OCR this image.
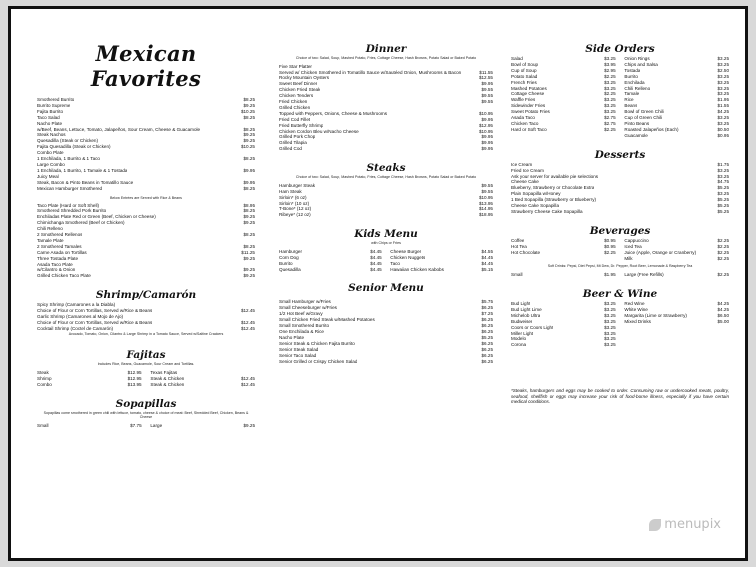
Mexican Favorites
Smothered Burrito	$8.25
Burrito Supreme	$9.25
Fajita Burrito	$10.25
Taco Salad	$8.25
Nacho Plate
w/Beef, Beans, Lettuce, Tomato, Jalapeños, Sour Cream, Cheese & Guacamole	$8.25
Steak Nachos	$9.25
Quesadilla (Steak or Chicken)	$9.25
Fajita Quesadilla (Steak or Chicken)	$10.25
Combo Plate
1 Enchilada, 1 Burrito & 1 Taco	$8.25
Large Combo
1 Enchilada, 1 Burrito, 1 Tamale & 1 Tostada	$9.95
Juicy Meal
Steak, Bacon & Pinto Beans in Tomatillo Sauce	$9.95
Mexican Hamburger Smothered	$8.25
Below Entrées are Served with Rice & Beans
Taco Plate (Hard or Soft Shell)	$8.95
Smothered Shredded Pork Burrito	$8.25
Enchiladas Plate Red or Green (Beef, Chicken or Cheese)	$9.25
Chimichanga Smothered (Beef or Chicken)	$9.25
Chili Relleno
2 Smothered Rellenos	$8.25
Tamale Plate
2 Smothered Tamales	$8.25
Carne Asada on Tortillas	$11.25
Three Tostada Plate	$9.25
Asada Taco Plate
w/Cilantro & Onion	$9.25
Grilled Chicken Taco Plate	$9.25
Shrimp/Camarón
Spicy Shrimp (Camarones a la Diabla)
Choice of Flour or Corn Tortillas, Served w/Rice & Beans	$12.45
Garlic Shrimp (Camarones al Mojo de Ajo)
Choice of Flour or Corn Tortillas, Served w/Rice & Beans	$12.45
Cocktail Shrimp (Coctel de Camarón)	$12.45
Avocado, Tomato, Onion, Cilantro & Large Shrimp in a Tomato Sauce, Served w/Saltine Crackers
Fajitas
Includes Rice, Beans, Guacamole, Sour Cream and Tortillas.
Steak	$12.95
Shrimp	$12.95
Combo	$13.95
Texas Fajitas
Steak & Chicken	$12.45
Steak & Chicken	$12.45
Sopapillas
Sopapillas come smothered in green chili with lettuce, tomato, cheese & choice of meat: Beef, Shredded Beef, Chicken, Beans & Cheese
Small	$7.75 Large	$9.25
Dinner
Choice of two: Salad, Soup, Mashed Potato, Fries, Cottage Cheese, Hash Browns, Potato Salad or Baked Potato
Five Star Platter
Served w/ Chicken Smothered in Tomatillo Sauce w/Sautéed Onion, Mushrooms & Bacon	$11.55
Rocky Mountain Oysters	$12.55
Sweet Beef Dinner	$9.95
Chicken Fried Steak	$9.55
Chicken Tenders	$9.55
Fried Chicken	$9.55
Grilled Chicken
Topped with Peppers, Onions, Cheese & Mushrooms	$10.95
Fried Cod Fillet	$9.95
Fried Butterfly Shrimp	$12.95
Chicken Cordon Bleu w/Nacho Cheese	$10.95
Grilled Pork Chop	$9.95
Grilled Tilapia	$9.95
Grilled Cod	$9.95
Steaks
Choice of two: Salad, Soup, Mashed Potato, Fries, Cottage Cheese, Hash Browns, Potato Salad or Baked Potato
Hamburger Steak	$9.55
Ham Steak	$9.55
Sirloin* (6 oz)	$10.95
Sirloin* (10 oz)	$13.95
T-Bone* (12 oz)	$14.95
Ribeye* (12 oz)	$18.95
Kids Menu
with Chips or Fries
Hamburger	$4.45
Corn Dog	$4.45
Burrito	$4.45
Quesadilla	$4.45
Cheese Burger	$4.55
Chicken Nuggets	$4.45
Taco	$4.45
Hawaiian Chicken Kabobs	$5.15
Senior Menu
Small Hamburger w/Fries	$5.75
Small Cheeseburger w/Fries	$6.25
1/2 Hot Beef w/Gravy	$7.25
Small Chicken Fried Steak w/Mashed Potatoes	$6.25
Small Smothered Burrito	$6.25
One Enchilada & Rice	$6.25
Nacho Plate	$5.25
Senior Steak & Chicken Fajita Burrito	$6.25
Senior Steak Salad	$6.25
Senior Taco Salad	$6.25
Senior Grilled or Crispy Chicken Salad	$6.25
Side Orders
Salad	$3.25
Bowl of Soup	$3.95
Cup of Soup	$2.95
Potato Salad	$2.25
French Fries	$3.25
Mashed Potatoes	$3.25
Cottage Cheese	$2.25
Waffle Fries	$3.25
Sidewinder Fries	$3.25
Sweet Potato Fries	$3.25
Asada Taco	$2.75
Chicken Taco	$2.75
Hard or Soft Taco	$2.25
Onion Rings	$3.25
Chips and Salsa	$3.25
Tostada	$2.50
Burrito	$3.25
Enchilada	$3.25
Chili Relleno	$3.25
Tamale	$3.25
Rice	$1.95
Beans	$1.55
Bowl of Green Chili	$4.25
Cup of Green Chili	$3.25
Pinto Beans	$3.25
Roasted Jalapeños (Each)	$0.50
Guacamole	$0.95
Desserts
Ice Cream	$1.75
Fried Ice Cream	$3.25
Ask your server for available pie selections	$3.25
Cheese Cake	$4.75
Blueberry, Strawberry or Chocolate Extra	$5.25
Plain Sopapilla w/Honey	$3.25
1 Bed Sopapilla (Strawberry or Blueberry)	$5.25
Cheese Cake Sopapilla	$5.25
Strawberry Cheese Cake Sopapilla	$5.25
Beverages
Coffee	$0.95
Hot Tea	$0.95
Hot Chocolate	$2.25
Cappuccino	$2.25
Iced Tea	$2.25
Juice (Apple, Orange or Cranberry)	$2.25
Milk	$2.25
Soft Drinks: Pepsi, Diet Pepsi, Mt Dew, Dr. Pepper, Root Beer, Lemonade & Raspberry Tea
Small	$1.95 Large (Free Refills)	$2.25
Beer & Wine
Bud Light	$3.25
Bud Light Lime	$3.25
Michelob Ultra	$3.25
Budweiser	$3.25
Coors or Coors Light	$3.25
Miller Light	$3.25
Modelo	$3.25
Corona	$3.25
Red Wine	$4.25
White Wine	$4.25
Margarita (Lime or Strawberry)	$6.50
Mixed Drinks	$5.00
*Steaks, hamburgers and eggs may be cooked to order. Consuming raw or undercooked meats, poultry, seafood, shellfish or eggs may increase your risk of food-borne illness, especially if you have certain medical conditions.
menupix
